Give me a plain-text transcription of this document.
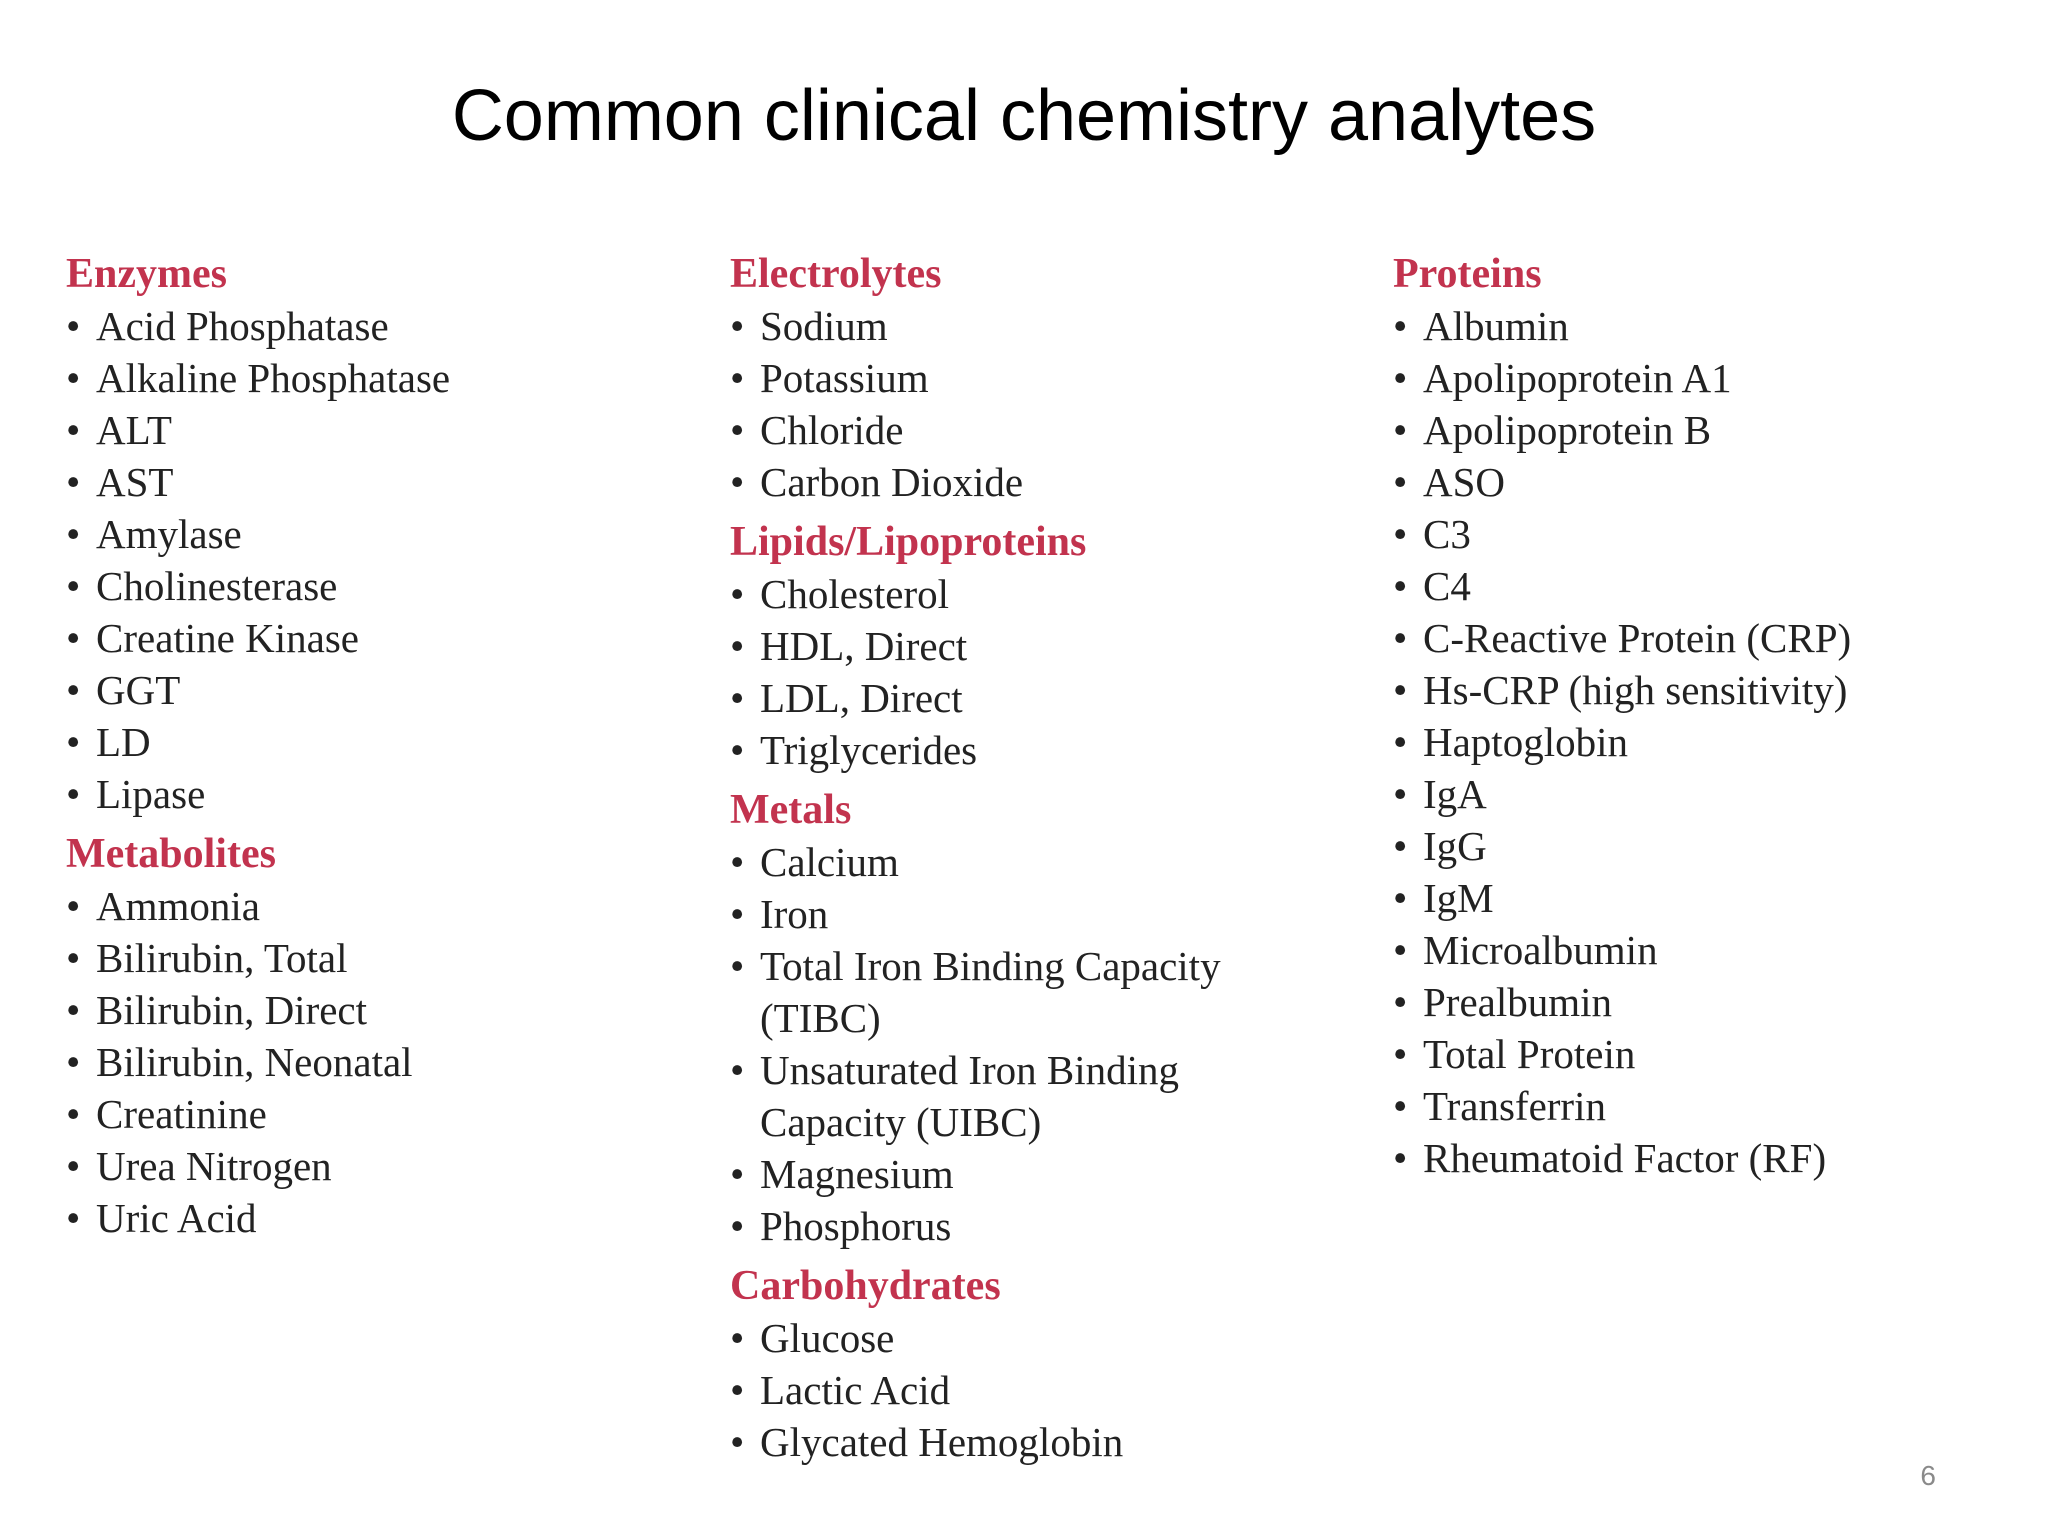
Common clinical chemistry analytes
Enzymes
• Acid Phosphatase
• Alkaline Phosphatase
• ALT
• AST
• Amylase
• Cholinesterase
• Creatine Kinase
• GGT
• LD
• Lipase
Metabolites
• Ammonia
• Bilirubin, Total
• Bilirubin, Direct
• Bilirubin, Neonatal
• Creatinine
• Urea Nitrogen
• Uric Acid
Electrolytes
• Sodium
• Potassium
• Chloride
• Carbon Dioxide
Lipids/Lipoproteins
• Cholesterol
• HDL, Direct
• LDL, Direct
• Triglycerides
Metals
• Calcium
• Iron
• Total Iron Binding Capacity (TIBC)
• Unsaturated Iron Binding Capacity (UIBC)
• Magnesium
• Phosphorus
Carbohydrates
• Glucose
• Lactic Acid
• Glycated Hemoglobin
Proteins
• Albumin
• Apolipoprotein A1
• Apolipoprotein B
• ASO
• C3
• C4
• C-Reactive Protein (CRP)
• Hs-CRP (high sensitivity)
• Haptoglobin
• IgA
• IgG
• IgM
• Microalbumin
• Prealbumin
• Total Protein
• Transferrin
• Rheumatoid Factor (RF)
6
